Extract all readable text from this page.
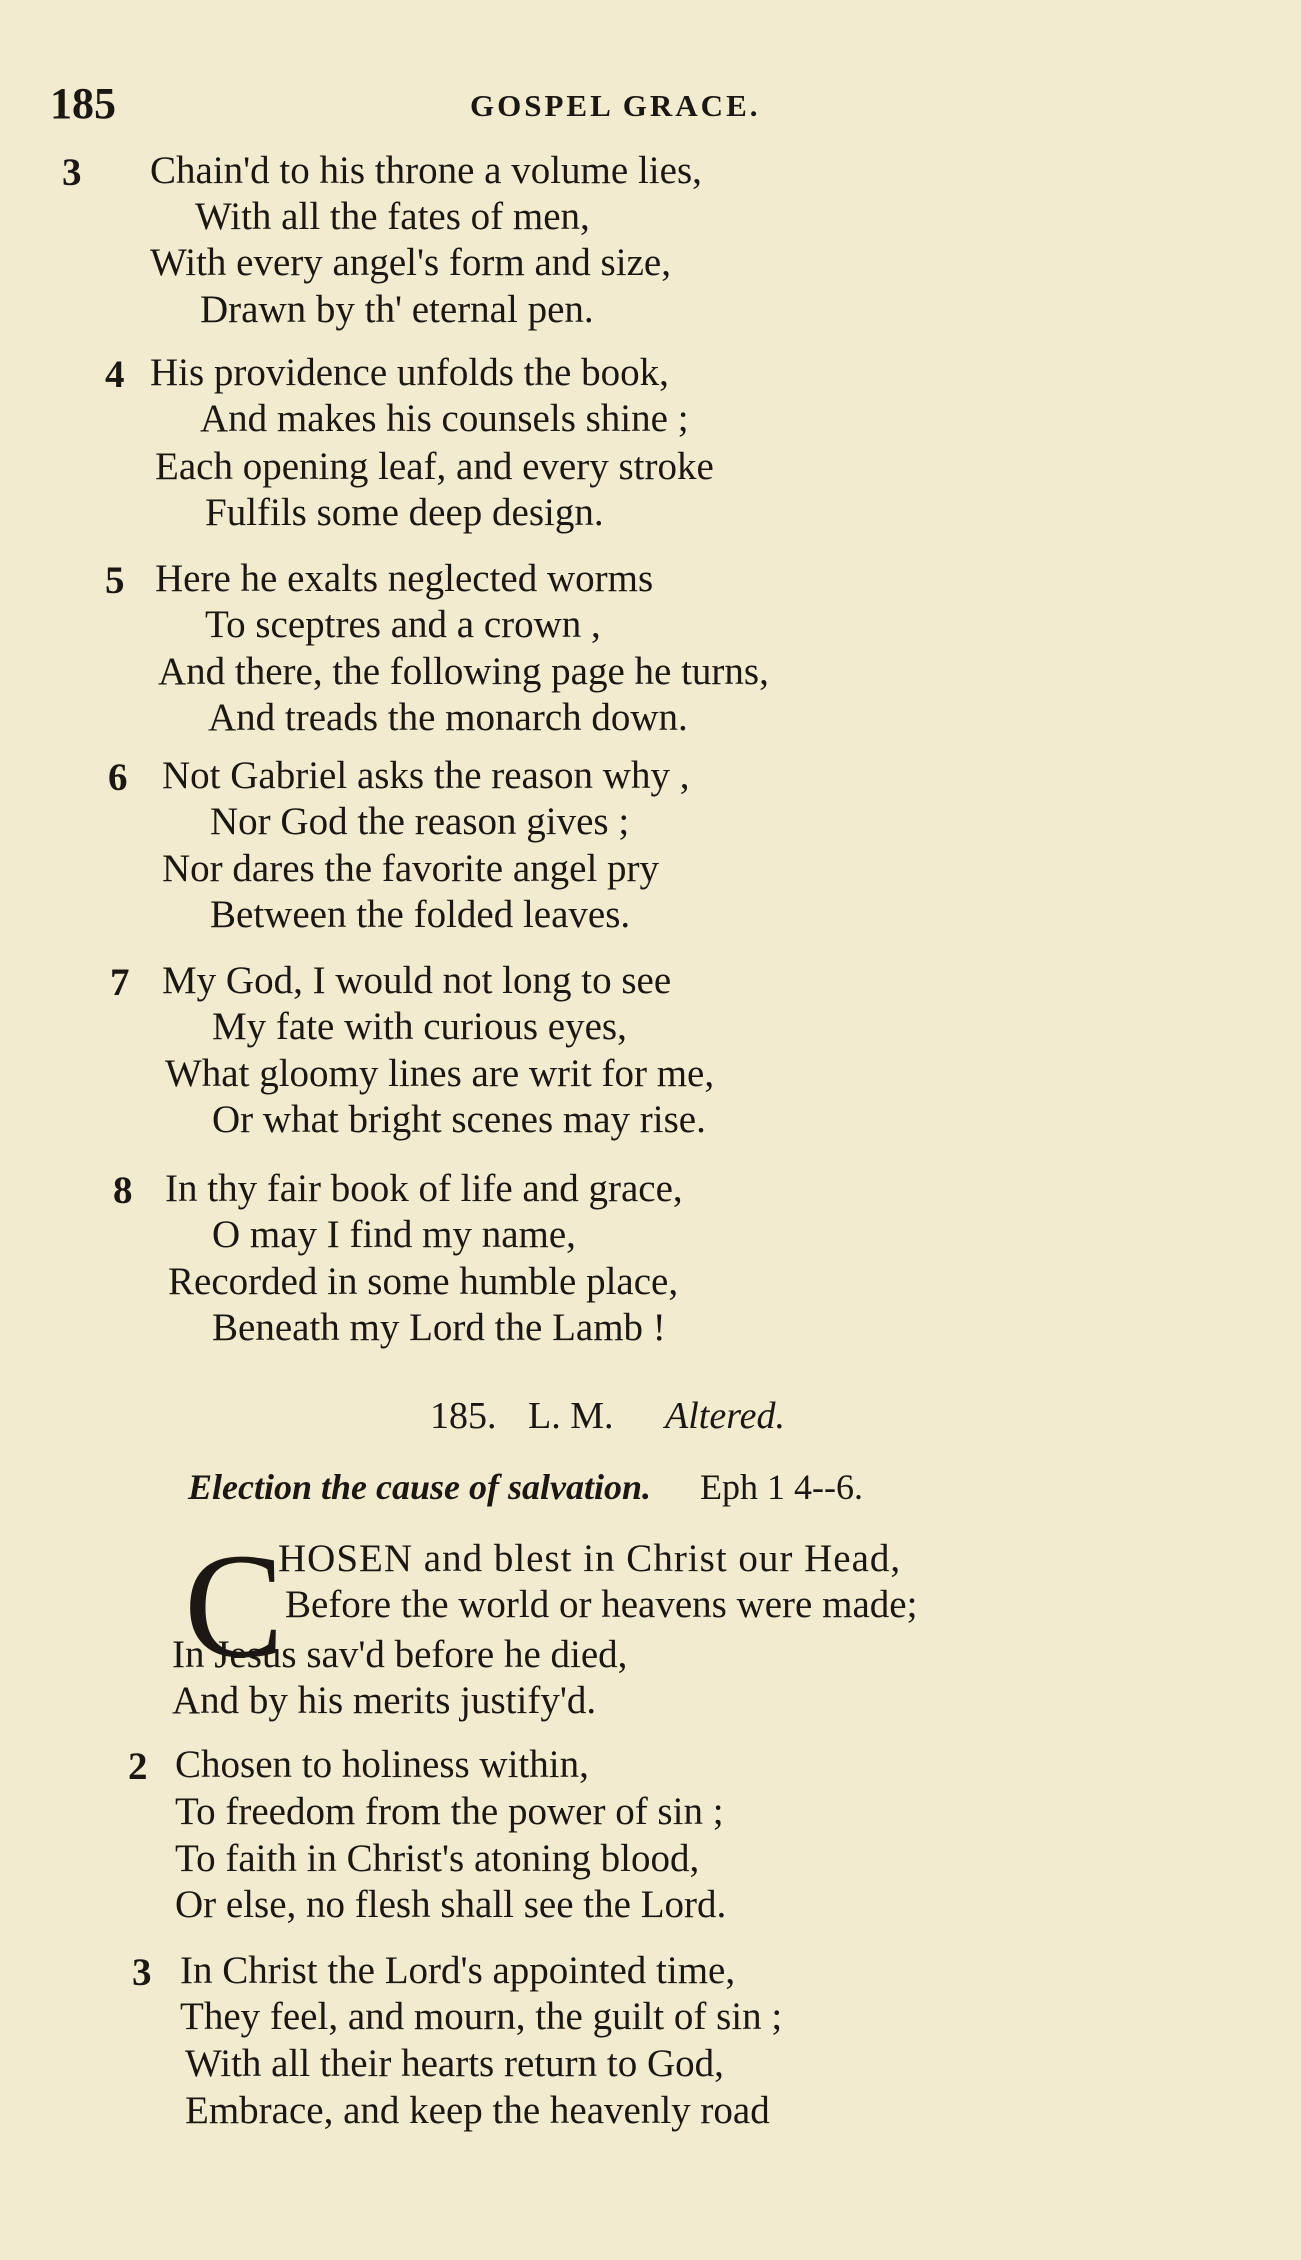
185	GOSPEL GRACE.
3 Chain'd to his throne a volume lies,
With all the fates of men,
With every angel's form and size,
Drawn by th' eternal pen.
4 His providence unfolds the book,
And makes his counsels shine ;
Each opening leaf, and every stroke
Fulfils some deep design.
5 Here he exalts neglected worms
To sceptres and a crown ,
And there, the following page he turns,
And treads the monarch down.
6 Not Gabriel asks the reason why ,
Nor God the reason gives ;
Nor dares the favorite angel pry
Between the folded leaves.
7 My God, I would not long to see
My fate with curious eyes,
What gloomy lines are writ for me,
Or what bright scenes may rise.
8 In thy fair book of life and grace,
O may I find my name,
Recorded in some humble place,
Beneath my Lord the Lamb !
185. L. M. Altered.
Election the cause of salvation. Eph 1 4--6.
C
HOSEN and blest in Christ our Head,
Before the world or heavens were made;
In Jesus sav'd before he died,
And by his merits justify'd.
2 Chosen to holiness within,
To freedom from the power of sin ;
To faith in Christ's atoning blood,
Or else, no flesh shall see the Lord.
3 In Christ the Lord's appointed time,
They feel, and mourn, the guilt of sin ;
With all their hearts return to God,
Embrace, and keep the heavenly road
